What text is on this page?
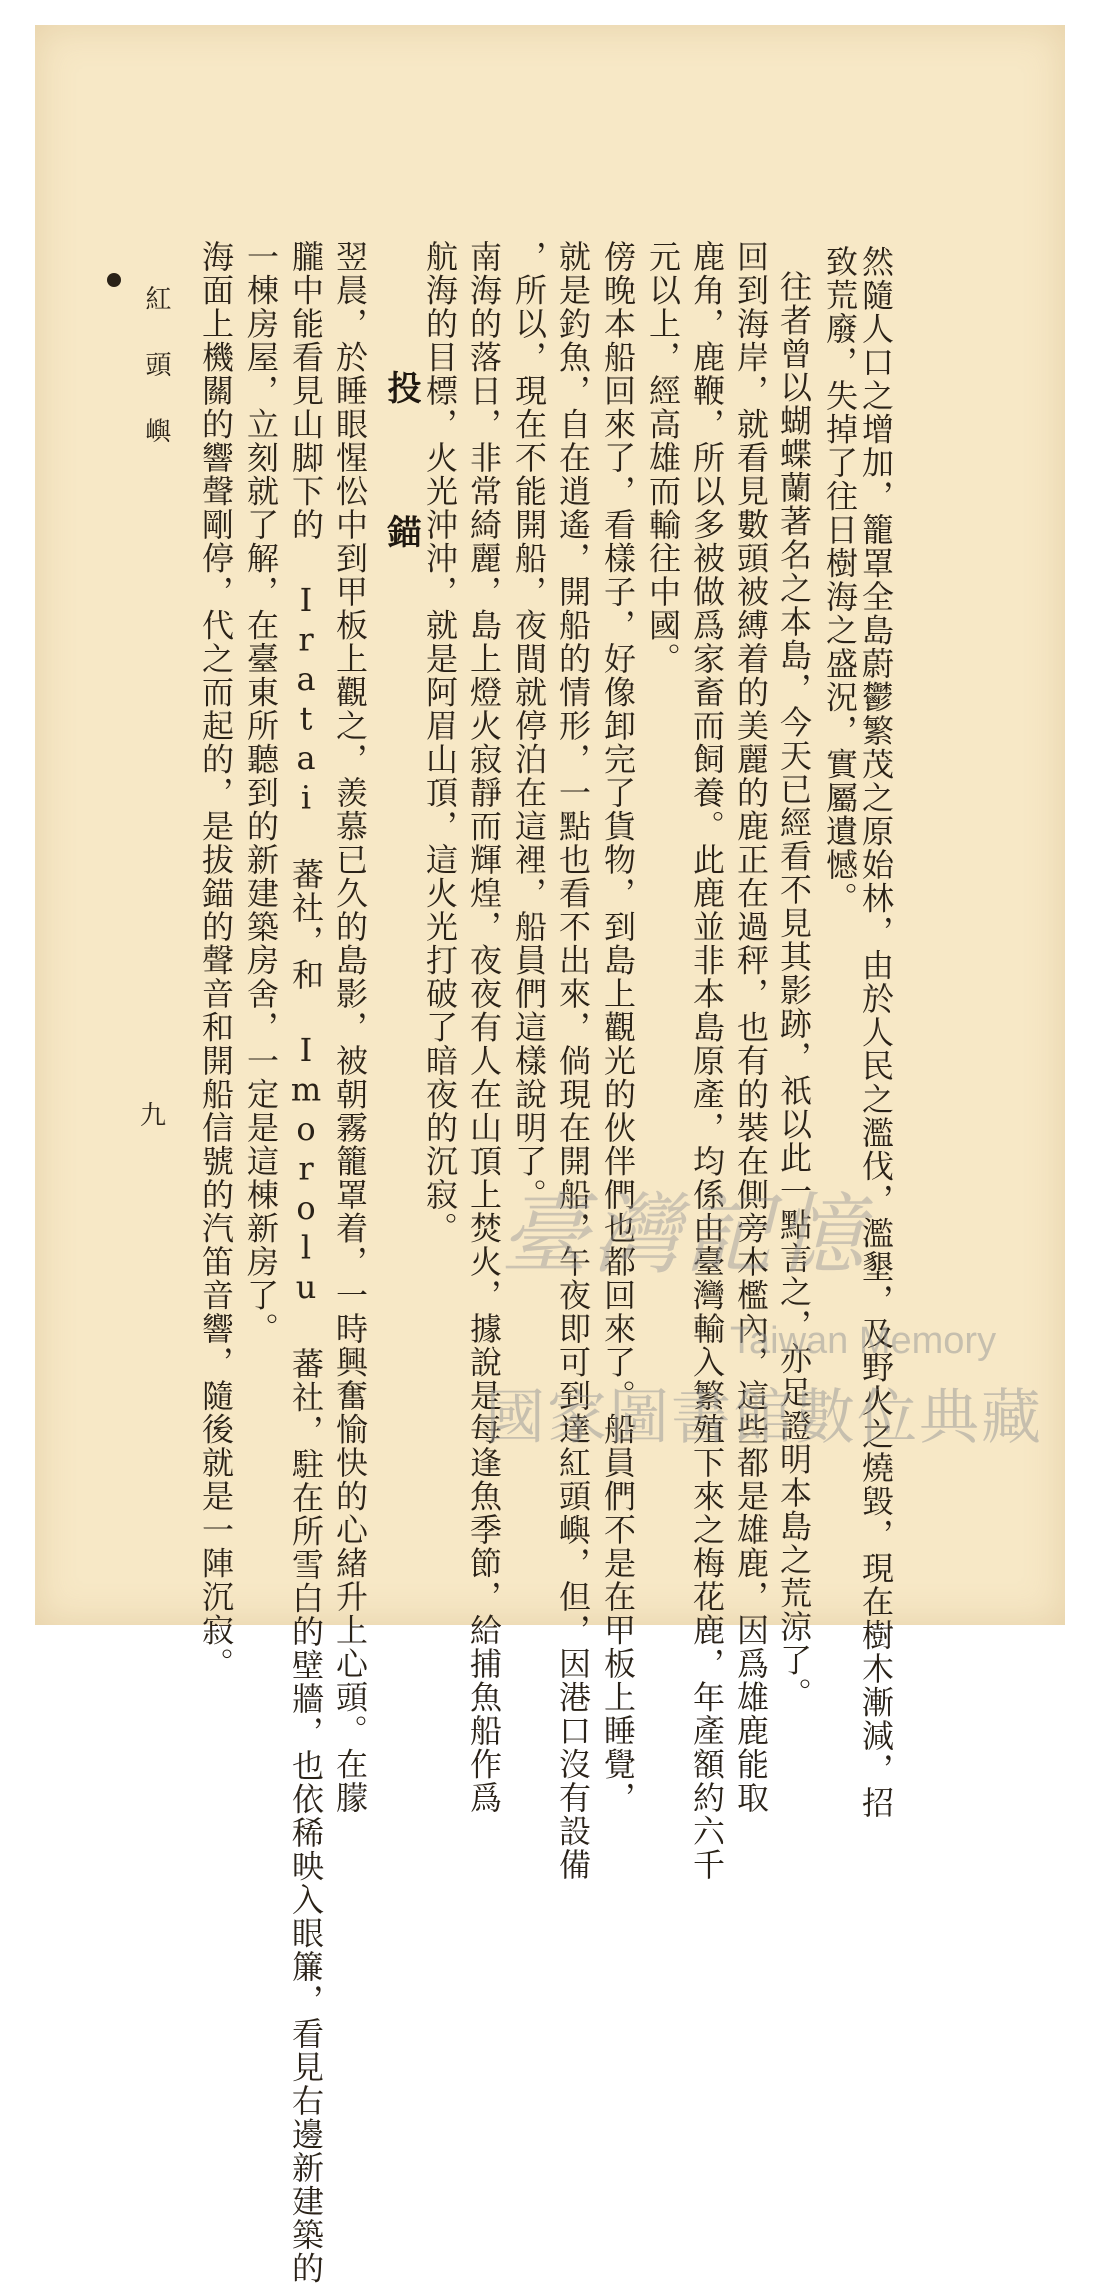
然隨人口之增加，籠罩全島蔚鬱繁茂之原始林，由於人民之濫伐，濫墾，及野火之燒毀，現在樹木漸減，招
致荒廢，失掉了往日樹海之盛況，實屬遺憾。
往者曾以蝴蝶蘭著名之本島，今天已經看不見其影跡，祇以此一點言之，亦足證明本島之荒涼了。
回到海岸，就看見數頭被縛着的美麗的鹿正在過秤，也有的裝在側旁木檻內，這些都是雄鹿，因爲雄鹿能取
鹿角，鹿鞭，所以多被做爲家畜而飼養。此鹿並非本島原產，均係由臺灣輸入繁殖下來之梅花鹿，年產額約六千
元以上，經高雄而輸往中國。
傍晚本船回來了，看樣子，好像卸完了貨物，到島上觀光的伙伴們也都回來了。船員們不是在甲板上睡覺，
就是釣魚，自在逍遙，開船的情形，一點也看不出來，倘現在開船，午夜即可到達紅頭嶼，但，因港口沒有設備
，所以，現在不能開船，夜間就停泊在這裡，船員們這樣說明了。
南海的落日，非常綺麗，島上燈火寂靜而輝煌，夜夜有人在山頂上焚火，據說是每逢魚季節，給捕魚船作爲
航海的目標，火光沖沖，就是阿眉山頂，這火光打破了暗夜的沉寂。
投錨
翌晨，於睡眼惺忪中到甲板上觀之，羨慕已久的島影，被朝霧籠罩着，一時興奮愉快的心緒升上心頭。在朦
朧中能看見山脚下的 Iratai 蕃社，和 Imorolu 蕃社，駐在所雪白的壁牆，也依稀映入眼簾，看見右邊新建築的
一棟房屋，立刻就了解，在臺東所聽到的新建築房舍，一定是這棟新房了。
海面上機關的響聲剛停，代之而起的，是拔錨的聲音和開船信號的汽笛音響，隨後就是一陣沉寂。
紅頭嶼
九
臺灣記憶
Taiwan Memory
國家圖書館數位典藏
